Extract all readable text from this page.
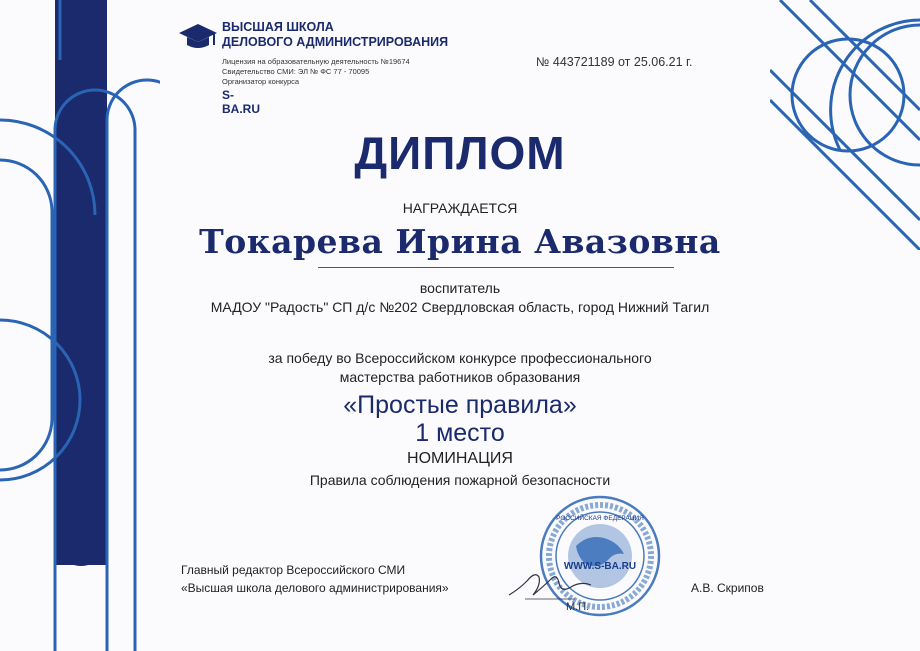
ВЫСШАЯ ШКОЛА
ДЕЛОВОГО АДМИНИСТРИРОВАНИЯ
Лицензия на образовательную деятельность №19674
Свидетельство СМИ: ЭЛ № ФС 77 - 70095
Организатор конкурса
S-BA.RU
№ 443721189 от 25.06.21 г.
ДИПЛОМ
НАГРАЖДАЕТСЯ
Токарева Ирина Авазовна
воспитатель
МАДОУ "Радость" СП д/с №202 Свердловская область, город Нижний Тагил
за победу во Всероссийском конкурсе профессионального
мастерства работников образования
«Простые правила»
1 место
НОМИНАЦИЯ
Правила соблюдения пожарной безопасности
Главный редактор Всероссийского СМИ
«Высшая школа делового администрирования»
WWW.S-BA.RU
РОССИЙСКАЯ ФЕДЕРАЦИЯ
М.П.
А.В. Скрипов
